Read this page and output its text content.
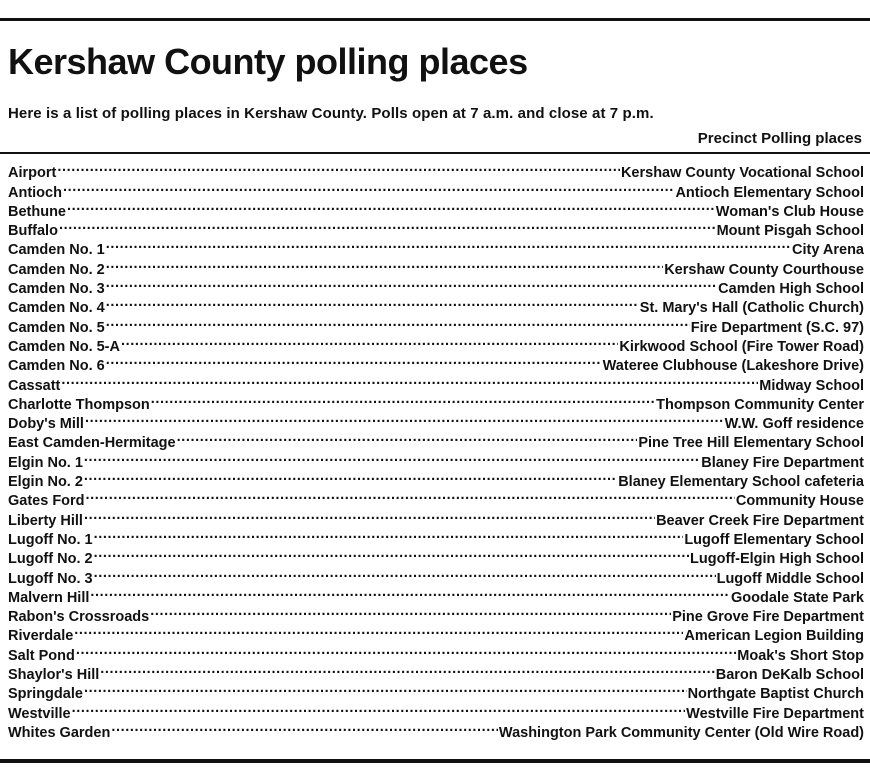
Kershaw County polling places
Here is a list of polling places in Kershaw County. Polls open at 7 a.m. and close at 7 p.m.
Precinct Polling places
Airport .....	Kershaw County Vocational School
Antioch .....	Antioch Elementary School
Bethune .....	Woman's Club House
Buffalo .....	Mount Pisgah School
Camden No. 1 .....	City Arena
Camden No. 2 .....	Kershaw County Courthouse
Camden No. 3 .....	Camden High School
Camden No. 4 .....	St. Mary's Hall (Catholic Church)
Camden No. 5 .....	Fire Department (S.C. 97)
Camden No. 5-A .....	Kirkwood School (Fire Tower Road)
Camden No. 6 .....	Wateree Clubhouse (Lakeshore Drive)
Cassatt .....	Midway School
Charlotte Thompson .....	Thompson Community Center
Doby's Mill .....	W.W. Goff residence
East Camden-Hermitage .....	Pine Tree Hill Elementary School
Elgin No. 1 .....	Blaney Fire Department
Elgin No. 2 .....	Blaney Elementary School cafeteria
Gates Ford .....	Community House
Liberty Hill .....	Beaver Creek Fire Department
Lugoff No. 1 .....	Lugoff Elementary School
Lugoff No. 2 .....	Lugoff-Elgin High School
Lugoff No. 3 .....	Lugoff Middle School
Malvern Hill .....	Goodale State Park
Rabon's Crossroads .....	Pine Grove Fire Department
Riverdale .....	American Legion Building
Salt Pond .....	Moak's Short Stop
Shaylor's Hill .....	Baron DeKalb School
Springdale .....	Northgate Baptist Church
Westville .....	Westville Fire Department
Whites Garden .....	Washington Park Community Center (Old Wire Road)
